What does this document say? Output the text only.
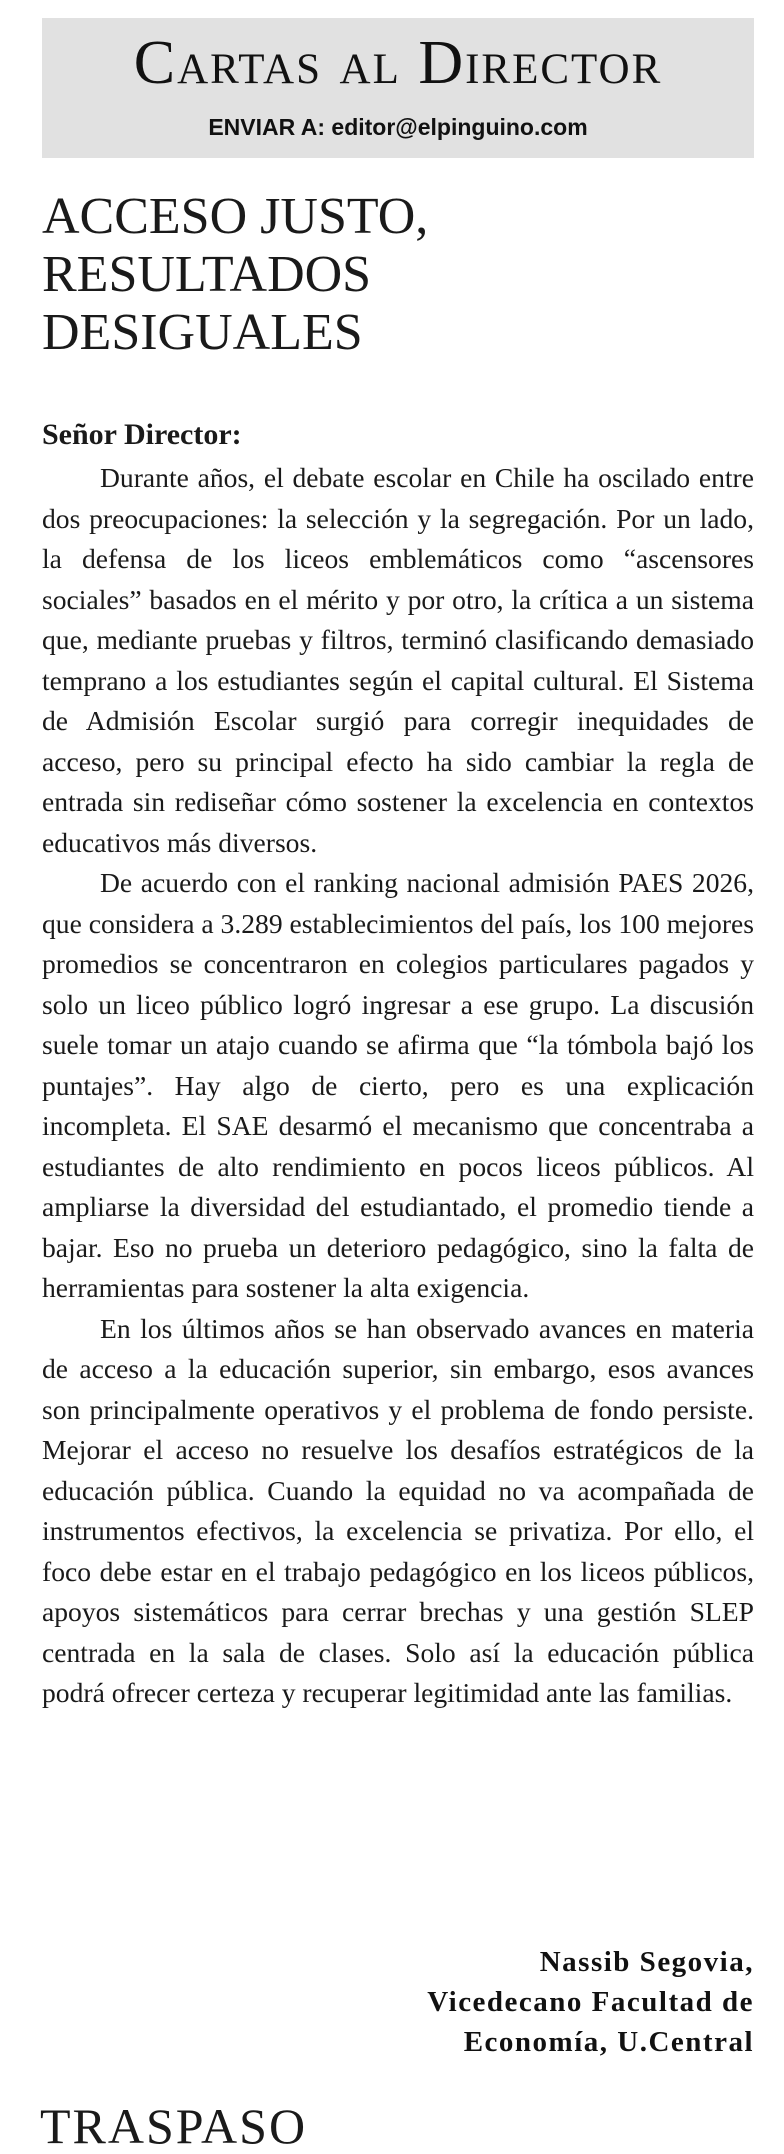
Cartas al Director

ENVIAR A: editor@elpinguino.com

ACCESO JUSTO,
RESULTADOS
DESIGUALES

Señor Director:

Durante años, el debate escolar en Chile ha oscilado entre dos preocupaciones: la selección y la segregación. Por un lado, la defensa de los liceos emblemáticos como “ascensores sociales” basados en el mérito y por otro, la crítica a un sistema que, mediante pruebas y filtros, terminó clasificando demasiado temprano a los estudiantes según el capital cultural. El Sistema de Admisión Escolar surgió para corregir inequidades de acceso, pero su principal efecto ha sido cambiar la regla de entrada sin rediseñar cómo sostener la excelencia en contextos educativos más diversos.

De acuerdo con el ranking nacional admisión PAES 2026, que considera a 3.289 establecimientos del país, los 100 mejores promedios se concentraron en colegios particulares pagados y solo un liceo público logró ingresar a ese grupo. La discusión suele tomar un atajo cuando se afirma que “la tómbola bajó los puntajes”. Hay algo de cierto, pero es una explicación incompleta. El SAE desarmó el mecanismo que concentraba a estudiantes de alto rendimiento en pocos liceos públicos. Al ampliarse la diversidad del estudiantado, el promedio tiende a bajar. Eso no prueba un deterioro pedagógico, sino la falta de herramientas para sostener la alta exigencia.

En los últimos años se han observado avances en materia de acceso a la educación superior, sin embargo, esos avances son principalmente operativos y el problema de fondo persiste. Mejorar el acceso no resuelve los desafíos estratégicos de la educación pública. Cuando la equidad no va acompañada de instrumentos efectivos, la excelencia se privatiza. Por ello, el foco debe estar en el trabajo pedagógico en los liceos públicos, apoyos sistemáticos para cerrar brechas y una gestión SLEP centrada en la sala de clases. Solo así la educación pública podrá ofrecer certeza y recuperar legitimidad ante las familias.

Nassib Segovia,
Vicedecano Facultad de
Economía, U.Central
TRASPASO
